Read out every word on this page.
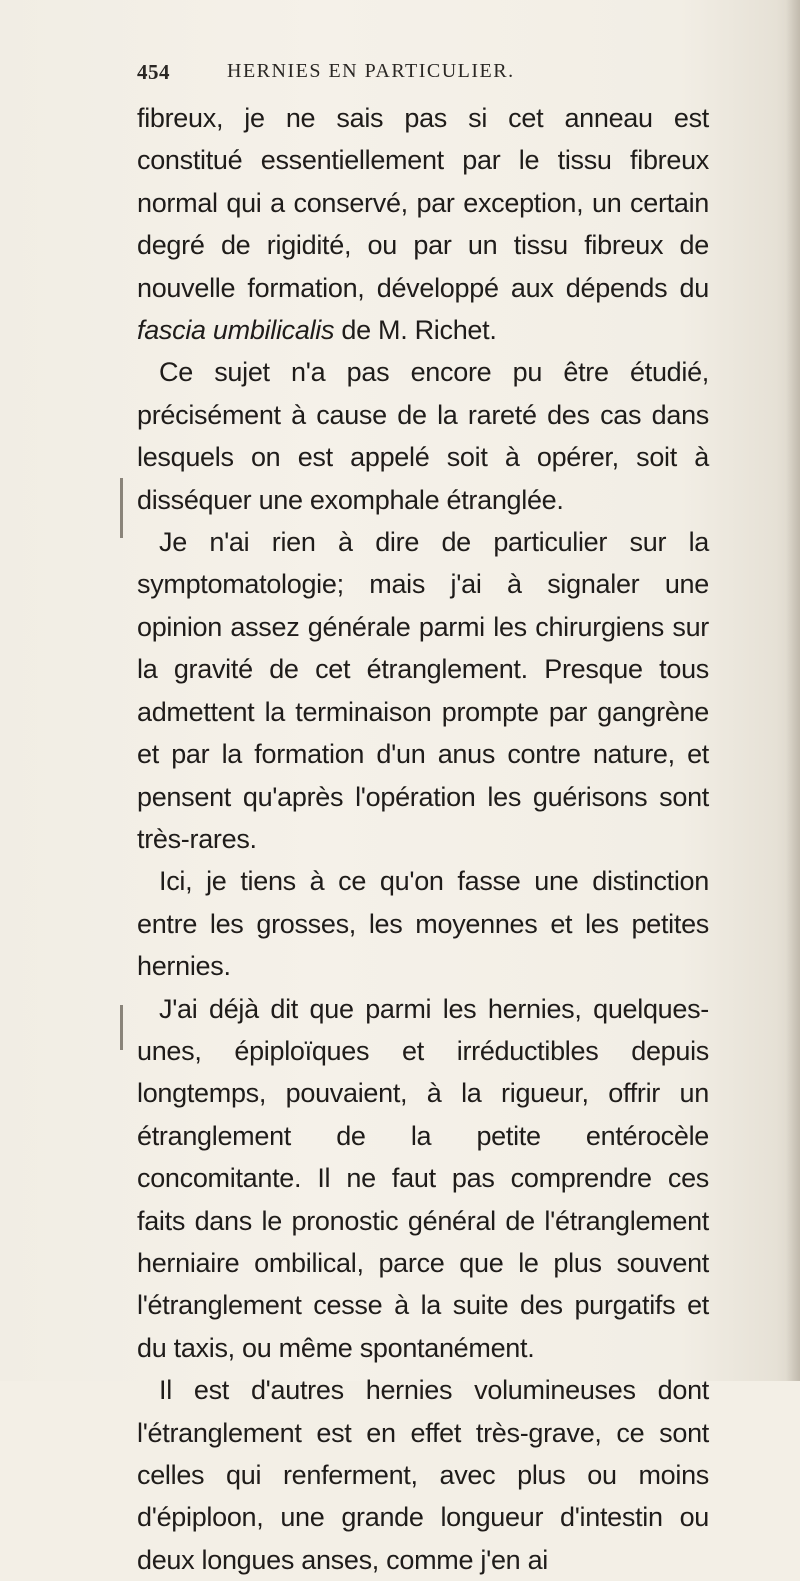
454	HERNIES EN PARTICULIER.

fibreux, je ne sais pas si cet anneau est constitué essentiellement par le tissu fibreux normal qui a conservé, par exception, un certain degré de rigidité, ou par un tissu fibreux de nouvelle formation, développé aux dépends du fascia umbilicalis de M. Richet.

Ce sujet n'a pas encore pu être étudié, précisément à cause de la rareté des cas dans lesquels on est appelé soit à opérer, soit à disséquer une exomphale étranglée.

Je n'ai rien à dire de particulier sur la symptomatologie; mais j'ai à signaler une opinion assez générale parmi les chirurgiens sur la gravité de cet étranglement. Presque tous admettent la terminaison prompte par gangrène et par la formation d'un anus contre nature, et pensent qu'après l'opération les guérisons sont très-rares.

Ici, je tiens à ce qu'on fasse une distinction entre les grosses, les moyennes et les petites hernies.

J'ai déjà dit que parmi les hernies, quelques-unes, épiploïques et irréductibles depuis longtemps, pouvaient, à la rigueur, offrir un étranglement de la petite entérocèle concomitante. Il ne faut pas comprendre ces faits dans le pronostic général de l'étranglement herniaire ombilical, parce que le plus souvent l'étranglement cesse à la suite des purgatifs et du taxis, ou même spontanément.

Il est d'autres hernies volumineuses dont l'étranglement est en effet très-grave, ce sont celles qui renferment, avec plus ou moins d'épiploon, une grande longueur d'intestin ou deux longues anses, comme j'en ai
